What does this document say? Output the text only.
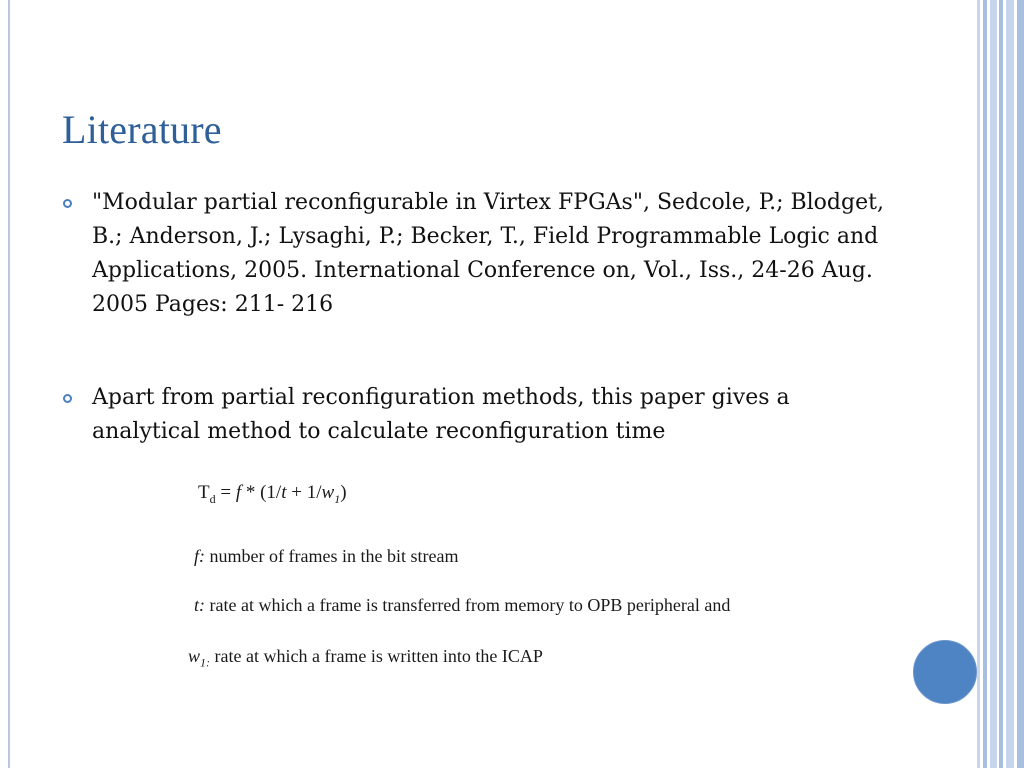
Literature

"Modular partial reconfigurable in Virtex FPGAs", Sedcole, P.; Blodget, B.; Anderson, J.; Lysaghi, P.; Becker, T., Field Programmable Logic and Applications, 2005. International Conference on, Vol., Iss., 24-26 Aug. 2005 Pages: 211- 216

Apart from partial reconfiguration methods, this paper gives a analytical method to calculate reconfiguration time

$T_d = f * (1/t + 1/w_1)$
f: number of frames in the bit stream
t: rate at which a frame is transferred from memory to OPB peripheral and
$w_{1:}$ rate at which a frame is written into the ICAP
